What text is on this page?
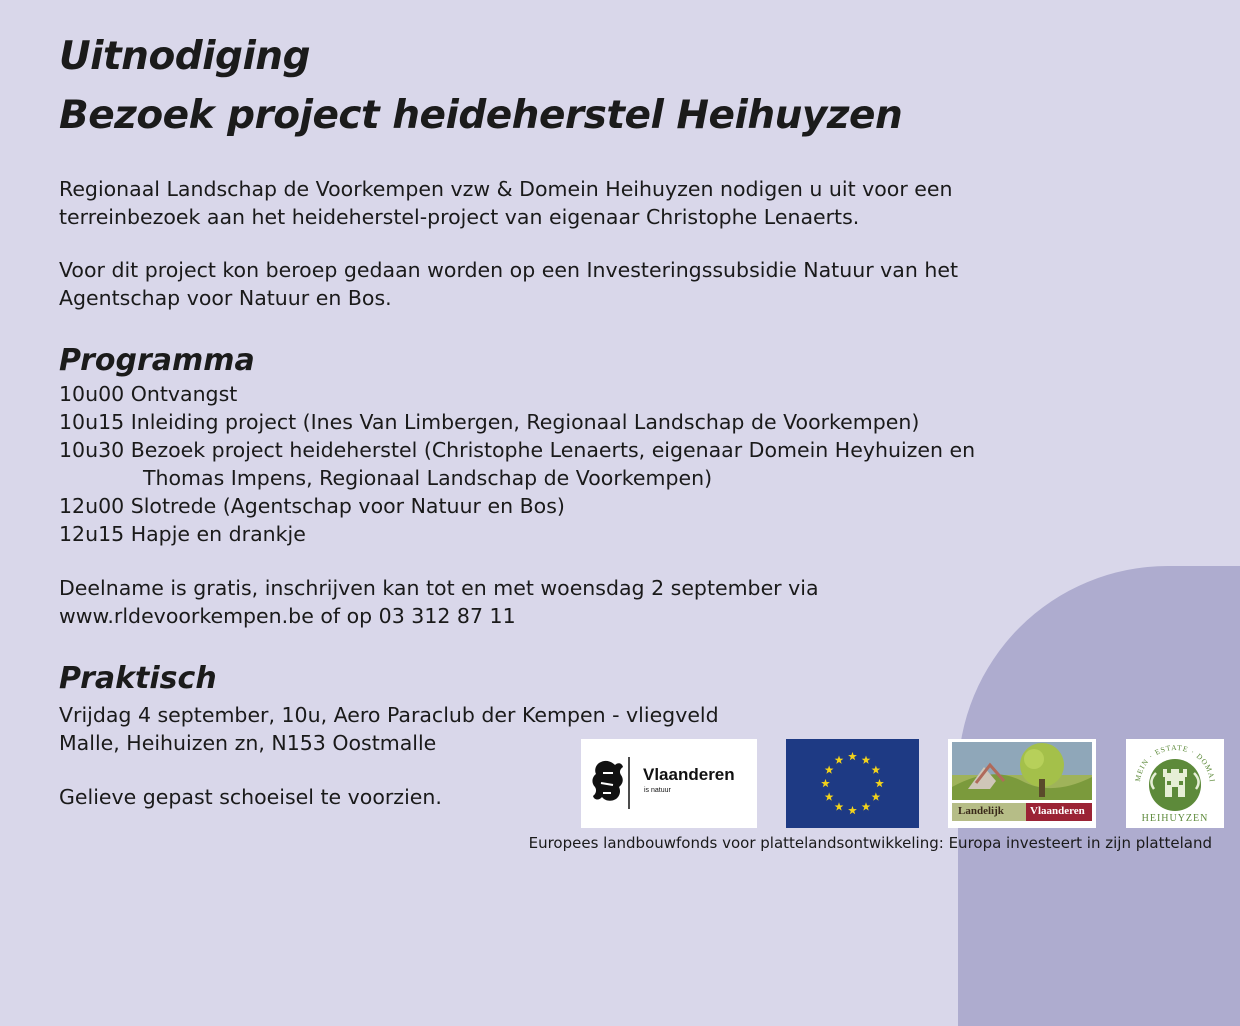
Uitnodiging
Bezoek project heideherstel Heihuyzen

Regionaal Landschap de Voorkempen vzw & Domein Heihuyzen nodigen u uit voor een
terreinbezoek aan het heideherstel-project van eigenaar Christophe Lenaerts.

Voor dit project kon beroep gedaan worden op een Investeringssubsidie Natuur van het
Agentschap voor Natuur en Bos.

Programma
10u00 Ontvangst
10u15 Inleiding project (Ines Van Limbergen, Regionaal Landschap de Voorkempen)
10u30 Bezoek project heideherstel (Christophe Lenaerts, eigenaar Domein Heyhuizen en
Thomas Impens, Regionaal Landschap de Voorkempen)
12u00 Slotrede (Agentschap voor Natuur en Bos)
12u15 Hapje en drankje

Deelname is gratis, inschrijven kan tot en met woensdag 2 september via
www.rldevoorkempen.be of op 03 312 87 11

Praktisch

Vrijdag 4 september, 10u, Aero Paraclub der Kempen - vliegveld
Malle, Heihuizen zn, N153 Oostmalle

Gelieve gepast schoeisel te voorzien.

Vlaanderen
is natuur
Landelijk Vlaanderen
MEIN · ESTATE · DOMAI
HEIHUYZEN
Europees landbouwfonds voor plattelandsontwikkeling: Europa investeert in zijn platteland
